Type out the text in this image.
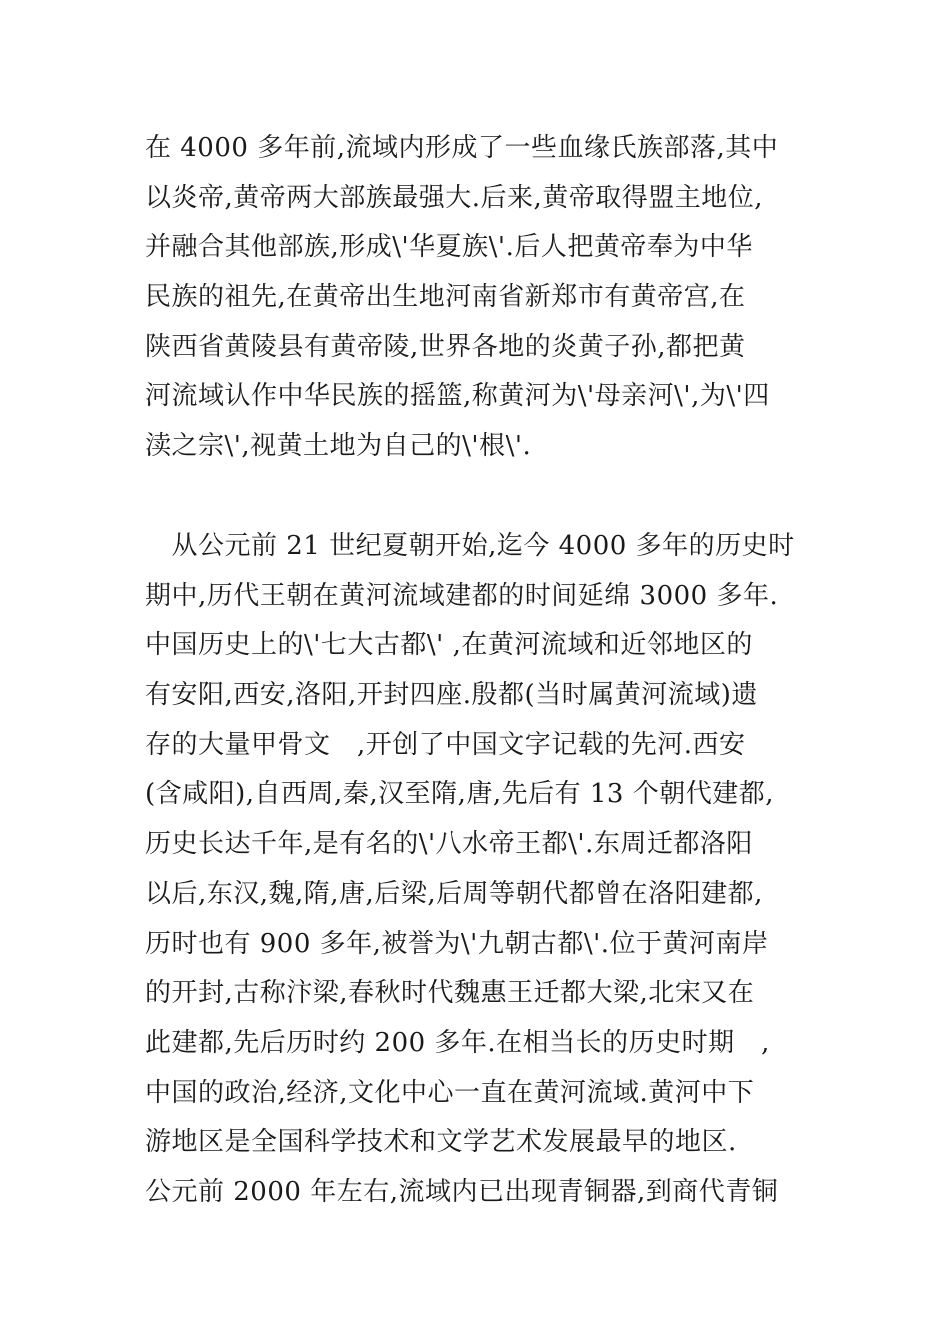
在 4000 多年前,流域内形成了一些血缘氏族部落,其中
以炎帝,黄帝两大部族最强大.后来,黄帝取得盟主地位,
并融合其他部族,形成\'华夏族\'.后人把黄帝奉为中华
民族的祖先,在黄帝出生地河南省新郑市有黄帝宫,在
陕西省黄陵县有黄帝陵,世界各地的炎黄子孙,都把黄
河流域认作中华民族的摇篮,称黄河为\'母亲河\',为\'四
渎之宗\',视黄土地为自己的\'根\'.
　从公元前 21 世纪夏朝开始,迄今 4000 多年的历史时
期中,历代王朝在黄河流域建都的时间延绵 3000 多年.
中国历史上的\'七大古都\' ,在黄河流域和近邻地区的
有安阳,西安,洛阳,开封四座.殷都(当时属黄河流域)遗
存的大量甲骨文　,开创了中国文字记载的先河.西安
(含咸阳),自西周,秦,汉至隋,唐,先后有 13 个朝代建都,
历史长达千年,是有名的\'八水帝王都\'.东周迁都洛阳
以后,东汉,魏,隋,唐,后梁,后周等朝代都曾在洛阳建都,
历时也有 900 多年,被誉为\'九朝古都\'.位于黄河南岸
的开封,古称汴梁,春秋时代魏惠王迁都大梁,北宋又在
此建都,先后历时约 200 多年.在相当长的历史时期　,
中国的政治,经济,文化中心一直在黄河流域.黄河中下
游地区是全国科学技术和文学艺术发展最早的地区.
公元前 2000 年左右,流域内已出现青铜器,到商代青铜
